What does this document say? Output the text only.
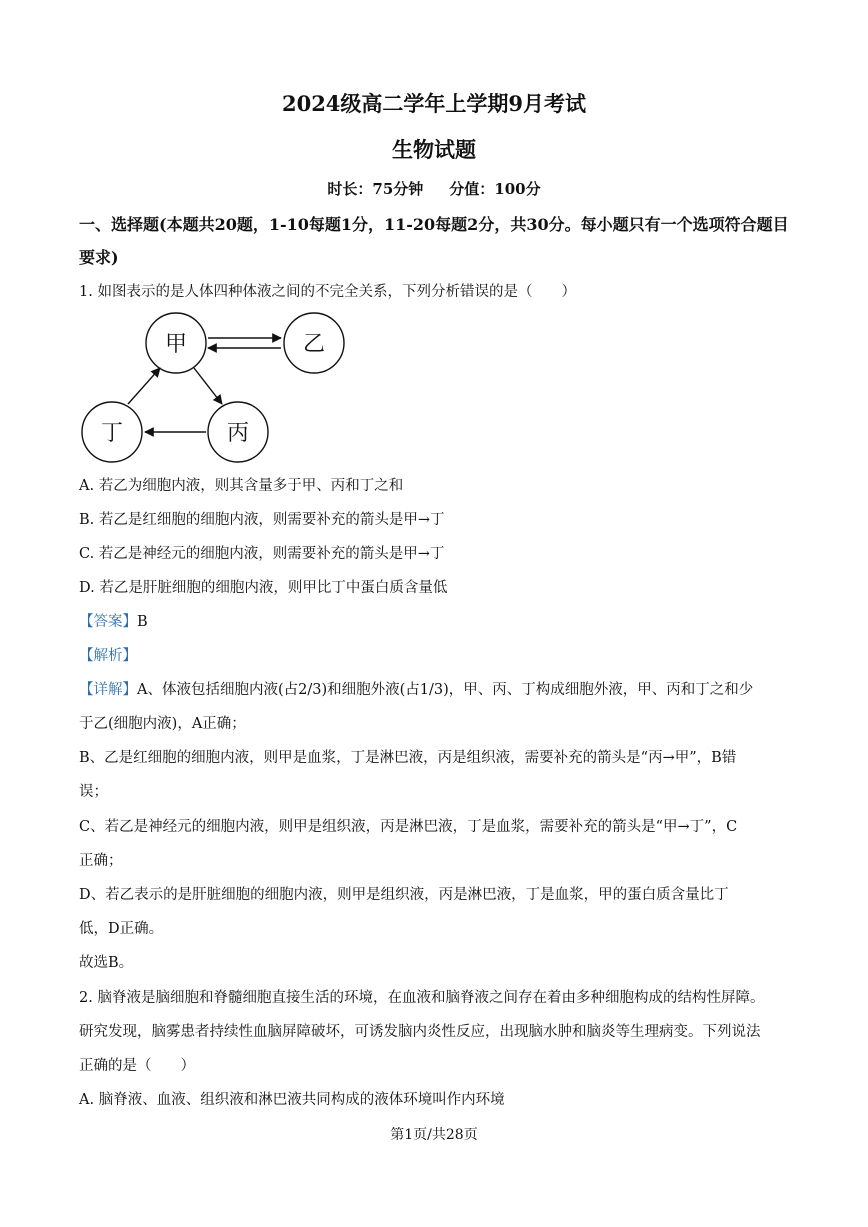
2024级高二学年上学期9月考试
生物试题
时长：75分钟 分值：100分
一、选择题(本题共20题，1-10每题1分，11-20每题2分，共30分。每小题只有一个选项符合题目要求)
1. 如图表示的是人体四种体液之间的不完全关系，下列分析错误的是（　　）
甲	乙
丁	丙
A. 若乙为细胞内液，则其含量多于甲、丙和丁之和
B. 若乙是红细胞的细胞内液，则需要补充的箭头是甲→丁
C. 若乙是神经元的细胞内液，则需要补充的箭头是甲→丁
D. 若乙是肝脏细胞的细胞内液，则甲比丁中蛋白质含量低
【答案】B
【解析】
【详解】A、体液包括细胞内液(占2/3)和细胞外液(占1/3)，甲、丙、丁构成细胞外液，甲、丙和丁之和少
于乙(细胞内液)，A正确；
B、乙是红细胞的细胞内液，则甲是血浆，丁是淋巴液，丙是组织液，需要补充的箭头是“丙→甲”，B错
误；
C、若乙是神经元的细胞内液，则甲是组织液，丙是淋巴液，丁是血浆，需要补充的箭头是“甲→丁”，C
正确；
D、若乙表示的是肝脏细胞的细胞内液，则甲是组织液，丙是淋巴液，丁是血浆，甲的蛋白质含量比丁
低，D正确。
故选B。
2. 脑脊液是脑细胞和脊髓细胞直接生活的环境，在血液和脑脊液之间存在着由多种细胞构成的结构性屏障。
研究发现，脑雾患者持续性血脑屏障破坏，可诱发脑内炎性反应，出现脑水肿和脑炎等生理病变。下列说法
正确的是（　　）
A. 脑脊液、血液、组织液和淋巴液共同构成的液体环境叫作内环境
第1页/共28页
